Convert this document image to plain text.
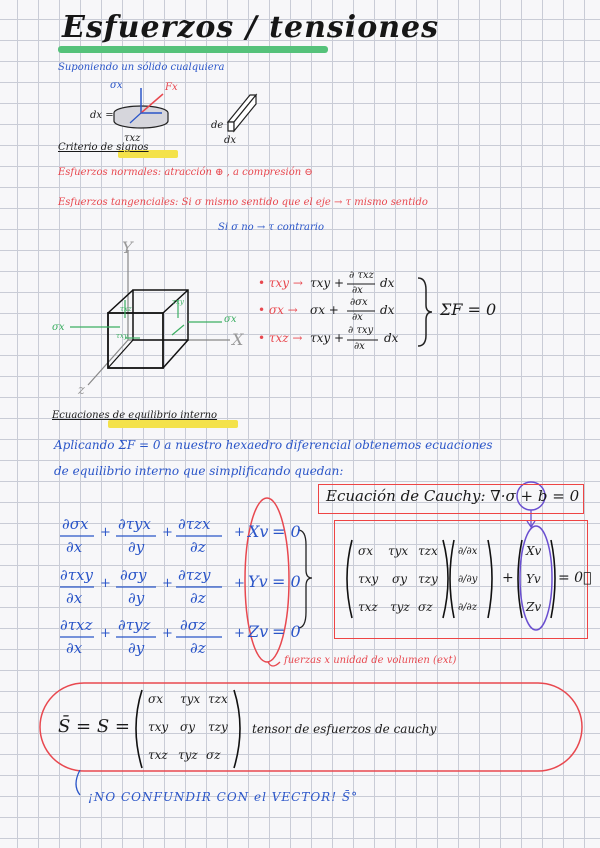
Esfuerzos / tensiones
Suponiendo un sólido cualquiera
σx	Fx
dx =
τxz
de
dx
Criterio de signos
Esfuerzos normales: atracción ⊕ , a compresión ⊖
Esfuerzos tangenciales: Si σ mismo sentido que el eje → τ mismo sentido
Si σ no → τ contrario
Y
X
z
σx
σx
τxz
τxy
τxy
• τxy → τxy +
∂ τxz
∂x
dx
• σx → σx +
∂σx
∂x
dx
• τxz → τxy +
∂ τxy
∂x
dx
ΣF = 0
Ecuaciones de equilibrio interno
Aplicando ΣF = 0 a nuestro hexaedro diferencial obtenemos ecuaciones
de equilibrio interno que simplificando quedan:
Ecuación de Cauchy: ∇·σ + b = 0
∂σx
∂x
+ ∂τyx
∂y
+ ∂τzx
∂z
+ Xv = 0
∂τxy
∂x
+ ∂σy
∂y
+ ∂τzy
∂z
+ Yv = 0
∂τxz
∂x
+ ∂τyz
∂y
+ ∂σz
∂z
+ Zv = 0
σx τyx τzx
τxy σy τzy
τxz τyz σz
∂/∂x
∂/∂y
∂/∂z
+
Xv
Yv
Zv
= 0⃗
fuerzas x unidad de volumen (ext)
S̄ = S =
σx τyx τzx
τxy σy τzy
τxz τyz σz
tensor de esfuerzos de cauchy
¡NO CONFUNDIR CON el VECTOR! S̄°
